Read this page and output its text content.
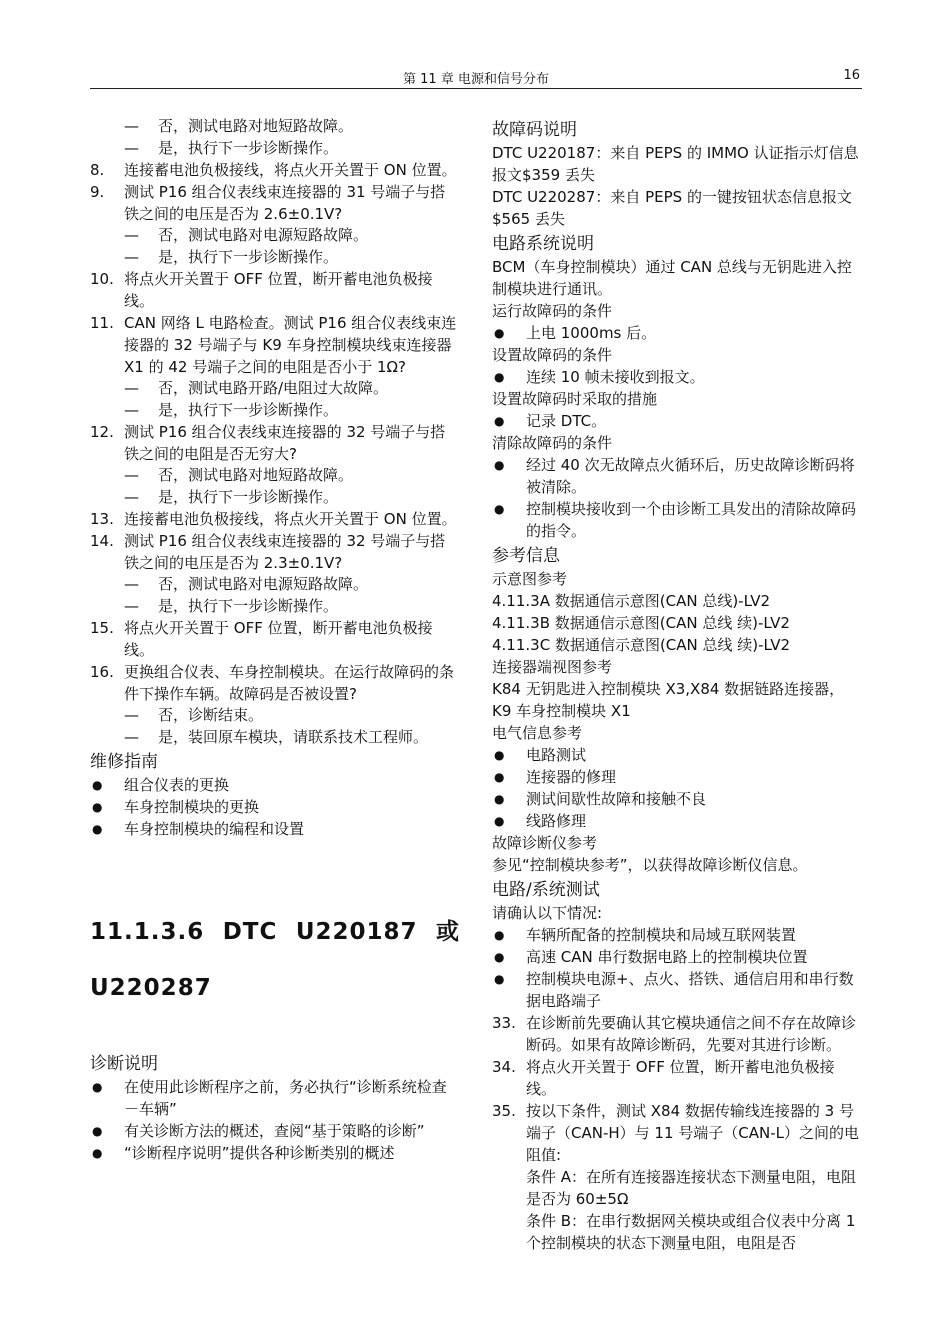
第 11 章 电源和信号分布	16
— 否，测试电路对地短路故障。
— 是，执行下一步诊断操作。
8. 连接蓄电池负极接线，将点火开关置于 ON 位置。
9. 测试 P16 组合仪表线束连接器的 31 号端子与搭铁之间的电压是否为 2.6±0.1V?
— 否，测试电路对电源短路故障。
— 是，执行下一步诊断操作。
10. 将点火开关置于 OFF 位置，断开蓄电池负极接线。
11. CAN 网络 L 电路检查。测试 P16 组合仪表线束连接器的 32 号端子与 K9 车身控制模块线束连接器 X1 的 42 号端子之间的电阻是否小于 1Ω?
— 否，测试电路开路/电阻过大故障。
— 是，执行下一步诊断操作。
12. 测试 P16 组合仪表线束连接器的 32 号端子与搭铁之间的电阻是否无穷大?
— 否，测试电路对地短路故障。
— 是，执行下一步诊断操作。
13. 连接蓄电池负极接线，将点火开关置于 ON 位置。
14. 测试 P16 组合仪表线束连接器的 32 号端子与搭铁之间的电压是否为 2.3±0.1V?
— 否，测试电路对电源短路故障。
— 是，执行下一步诊断操作。
15. 将点火开关置于 OFF 位置，断开蓄电池负极接线。
16. 更换组合仪表、车身控制模块。在运行故障码的条件下操作车辆。故障码是否被设置?
— 否，诊断结束。
— 是，装回原车模块，请联系技术工程师。
维修指南
● 组合仪表的更换
● 车身控制模块的更换
● 车身控制模块的编程和设置
11.1.3.6 DTC U220187 或
U220287
诊断说明
● 在使用此诊断程序之前，务必执行“诊断系统检查－车辆”
● 有关诊断方法的概述，查阅“基于策略的诊断”
● “诊断程序说明”提供各种诊断类别的概述
故障码说明
DTC U220187：来自 PEPS 的 IMMO 认证指示灯信息报文$359 丢失
DTC U220287：来自 PEPS 的一键按钮状态信息报文$565 丢失
电路系统说明
BCM（车身控制模块）通过 CAN 总线与无钥匙进入控制模块进行通讯。
运行故障码的条件
● 上电 1000ms 后。
设置故障码的条件
● 连续 10 帧未接收到报文。
设置故障码时采取的措施
● 记录 DTC。
清除故障码的条件
● 经过 40 次无故障点火循环后，历史故障诊断码将被清除。
● 控制模块接收到一个由诊断工具发出的清除故障码的指令。
参考信息
示意图参考
4.11.3A 数据通信示意图(CAN 总线)-LV2
4.11.3B 数据通信示意图(CAN 总线 续)-LV2
4.11.3C 数据通信示意图(CAN 总线 续)-LV2
连接器端视图参考
K84 无钥匙进入控制模块 X3,X84 数据链路连接器，K9 车身控制模块 X1
电气信息参考
● 电路测试
● 连接器的修理
● 测试间歇性故障和接触不良
● 线路修理
故障诊断仪参考
参见“控制模块参考”，以获得故障诊断仪信息。
电路/系统测试
请确认以下情况:
● 车辆所配备的控制模块和局域互联网装置
● 高速 CAN 串行数据电路上的控制模块位置
● 控制模块电源+、点火、搭铁、通信启用和串行数据电路端子
33. 在诊断前先要确认其它模块通信之间不存在故障诊断码。如果有故障诊断码，先要对其进行诊断。
34. 将点火开关置于 OFF 位置，断开蓄电池负极接线。
35. 按以下条件，测试 X84 数据传输线连接器的 3 号端子（CAN-H）与 11 号端子（CAN-L）之间的电阻值:
条件 A：在所有连接器连接状态下测量电阻，电阻是否为 60±5Ω
条件 B：在串行数据网关模块或组合仪表中分离 1 个控制模块的状态下测量电阻，电阻是否
